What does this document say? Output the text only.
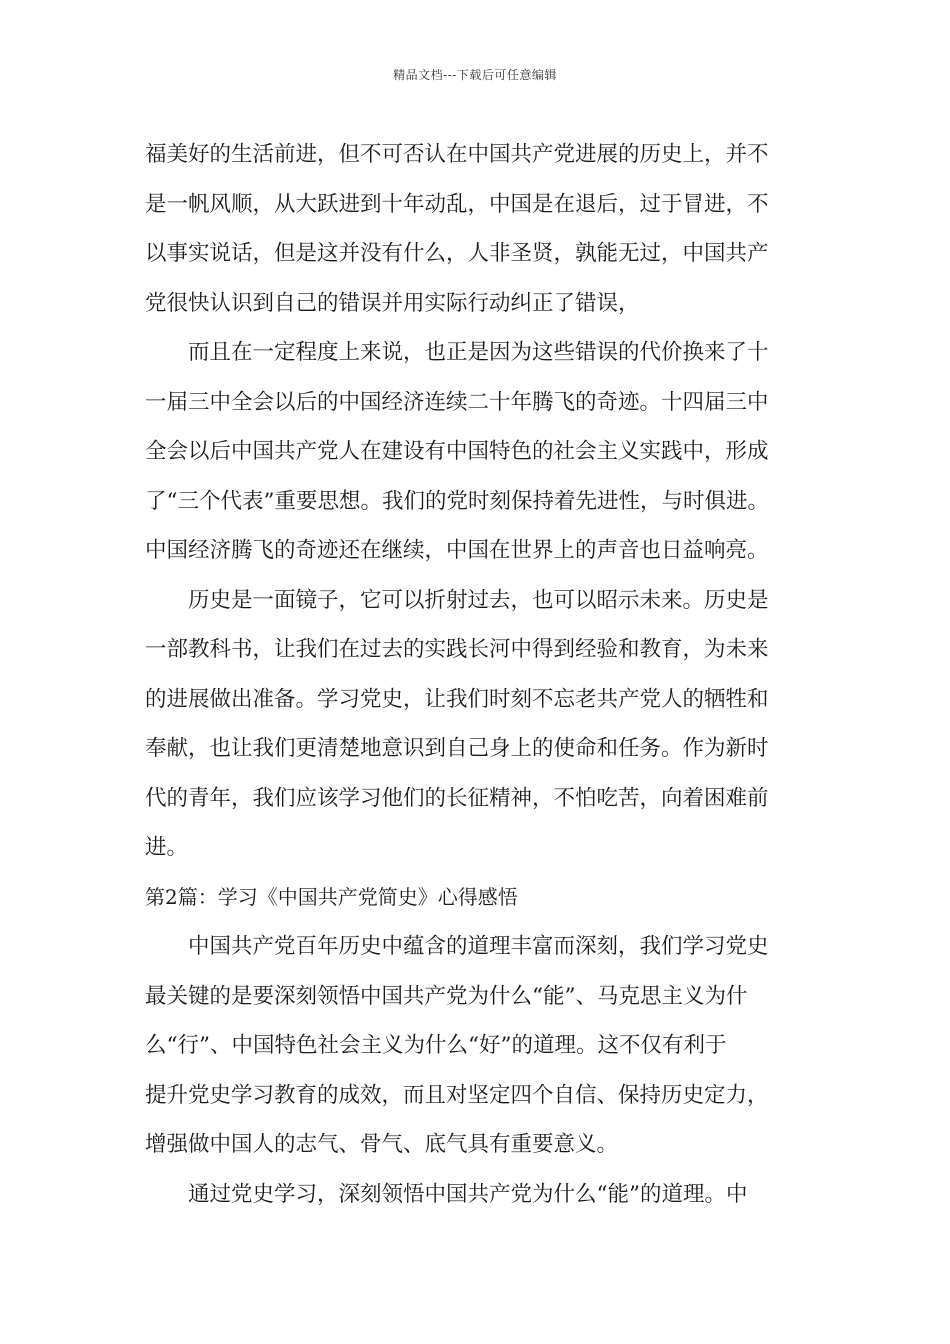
精品文档---下载后可任意编辑
福美好的生活前进，但不可否认在中国共产党进展的历史上，并不
是一帆风顺，从大跃进到十年动乱，中国是在退后，过于冒进，不
以事实说话，但是这并没有什么，人非圣贤，孰能无过，中国共产
党很快认识到自己的错误并用实际行动纠正了错误，
而且在一定程度上来说，也正是因为这些错误的代价换来了十
一届三中全会以后的中国经济连续二十年腾飞的奇迹。十四届三中
全会以后中国共产党人在建设有中国特色的社会主义实践中，形成
了“三个代表”重要思想。我们的党时刻保持着先进性，与时俱进。
中国经济腾飞的奇迹还在继续，中国在世界上的声音也日益响亮。
历史是一面镜子，它可以折射过去，也可以昭示未来。历史是
一部教科书，让我们在过去的实践长河中得到经验和教育，为未来
的进展做出准备。学习党史，让我们时刻不忘老共产党人的牺牲和
奉献，也让我们更清楚地意识到自己身上的使命和任务。作为新时
代的青年，我们应该学习他们的长征精神，不怕吃苦，向着困难前
进。
第2篇：学习《中国共产党简史》心得感悟
中国共产党百年历史中蕴含的道理丰富而深刻，我们学习党史
最关键的是要深刻领悟中国共产党为什么“能”、马克思主义为什
么“行”、中国特色社会主义为什么“好”的道理。这不仅有利于
提升党史学习教育的成效，而且对坚定四个自信、保持历史定力，
增强做中国人的志气、骨气、底气具有重要意义。
通过党史学习，深刻领悟中国共产党为什么“能”的道理。中
